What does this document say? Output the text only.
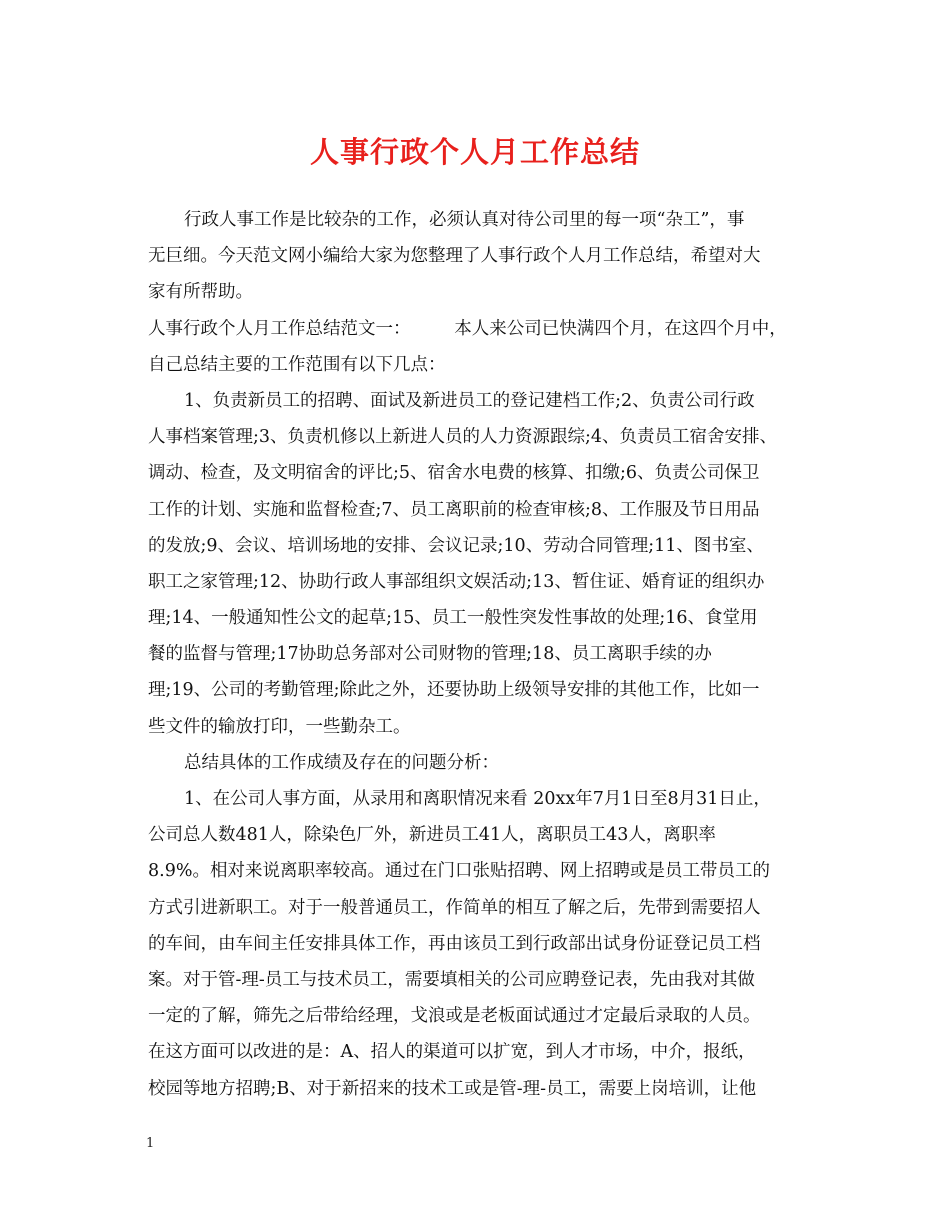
人事行政个人月工作总结
行政人事工作是比较杂的工作，必须认真对待公司里的每一项“杂工”，事
无巨细。今天范文网小编给大家为您整理了人事行政个人月工作总结，希望对大
家有所帮助。
人事行政个人月工作总结范文一：　　　本人来公司已快满四个月，在这四个月中，
自己总结主要的工作范围有以下几点：
1、负责新员工的招聘、面试及新进员工的登记建档工作;2、负责公司行政
人事档案管理;3、负责机修以上新进人员的人力资源跟综;4、负责员工宿舍安排、
调动、检查，及文明宿舍的评比;5、宿舍水电费的核算、扣缴;6、负责公司保卫
工作的计划、实施和监督检查;7、员工离职前的检查审核;8、工作服及节日用品
的发放;9、会议、培训场地的安排、会议记录;10、劳动合同管理;11、图书室、
职工之家管理;12、协助行政人事部组织文娱活动;13、暂住证、婚育证的组织办
理;14、一般通知性公文的起草;15、员工一般性突发性事故的处理;16、食堂用
餐的监督与管理;17协助总务部对公司财物的管理;18、员工离职手续的办
理;19、公司的考勤管理;除此之外，还要协助上级领导安排的其他工作，比如一
些文件的输放打印，一些勤杂工。
总结具体的工作成绩及存在的问题分析：
1、在公司人事方面，从录用和离职情况来看 20xx年7月1日至8月31日止，
公司总人数481人，除染色厂外，新进员工41人，离职员工43人，离职率
8.9%。相对来说离职率较高。通过在门口张贴招聘、网上招聘或是员工带员工的
方式引进新职工。对于一般普通员工，作简单的相互了解之后，先带到需要招人
的车间，由车间主任安排具体工作，再由该员工到行政部出试身份证登记员工档
案。对于管-理-员工与技术员工，需要填相关的公司应聘登记表，先由我对其做
一定的了解，筛先之后带给经理，戈浪或是老板面试通过才定最后录取的人员。
在这方面可以改进的是：A、招人的渠道可以扩宽，到人才市场，中介，报纸，
校园等地方招聘;B、对于新招来的技术工或是管-理-员工，需要上岗培训，让他
1
